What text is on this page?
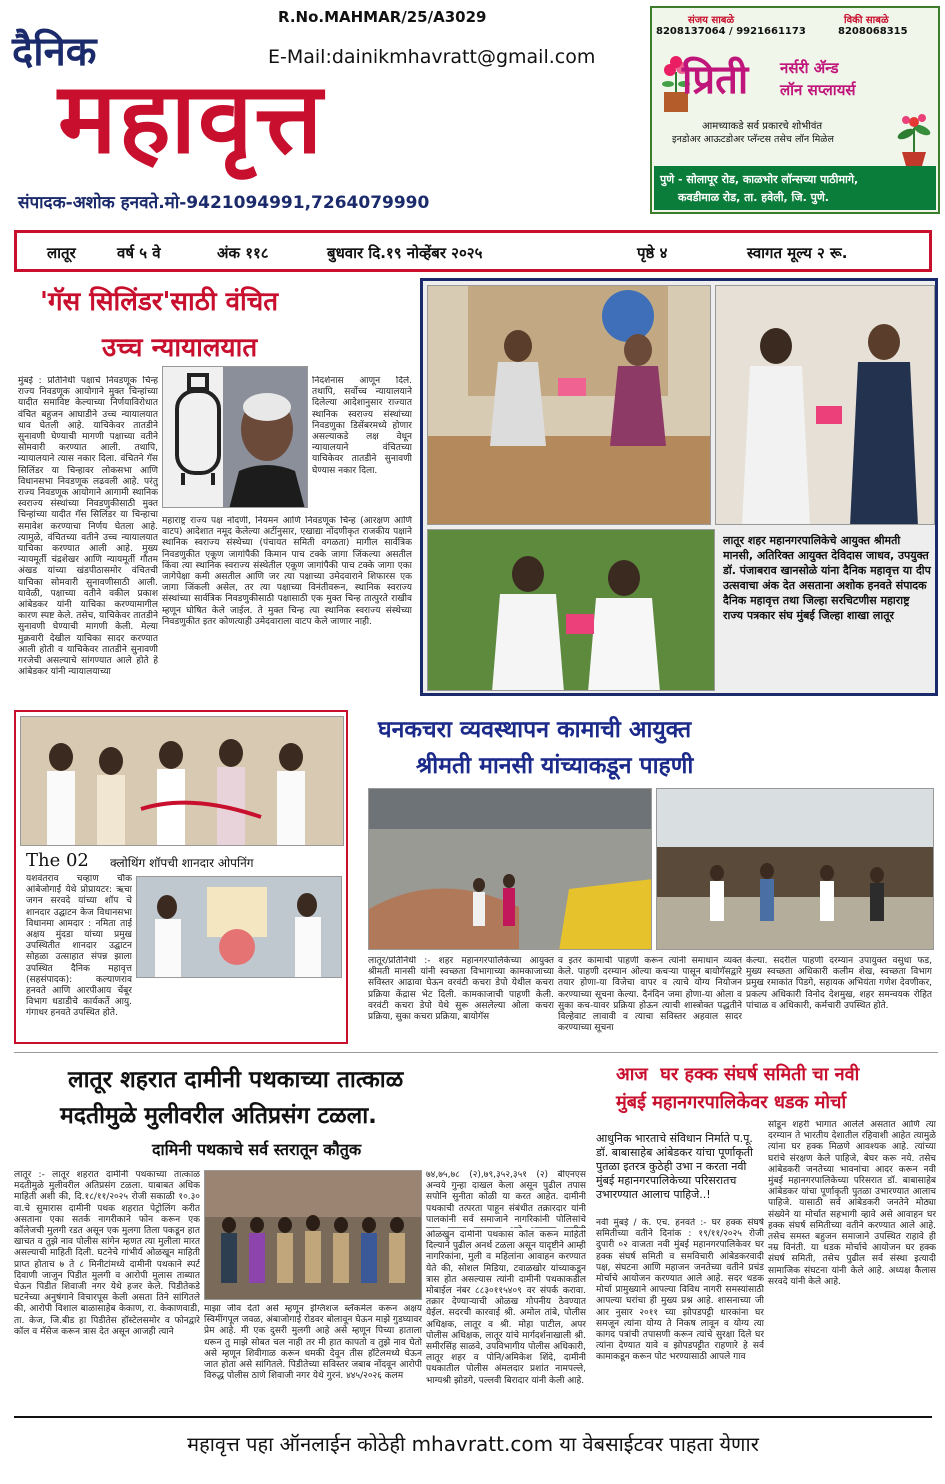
दैनिक
R.No.MAHMAR/25/A3029
E-Mail:dainikmhavratt@gmail.com
महावृत्त
संपादक-अशोक हनवते.मो-9421094991,7264079990
संजय साबळे
8208137064 / 9921661173
विकी साबळे
8208068315
प्रिती नर्सरी अ‍ॅन्ड
लॉन सप्लायर्स
आमच्याकडे सर्व प्रकारचे शोभीवंत
इनडोअर आऊटडोअर प्लॅन्टस तसेच लॉन मिळेल
पुणे - सोलापूर रोड, काळभोर लॉन्सच्या पाठीमागे,
कवडीमाळ रोड, ता. हवेली, जि. पुणे.
लातूर	वर्ष ५ वे	अंक ११८	बुधवार दि.१९ नोव्हेंबर २०२५	पृष्ठे ४	स्वागत मूल्य २ रू.
'गॅस सिलिंडर'साठी वंचित
उच्च न्यायालयात
मुंबई : प्रतिनिधी पक्षाचे निवडणूक चिन्ह राज्य निवडणूक आयोगाने मुक्त चिन्हांच्या यादीत समाविष्ट केल्याच्या निर्णयाविरोधात वंचित बहुजन आघाडीने उच्च न्यायालयात धाव घेतली आहे. याचिकेवर तातडीने सुनावणी घेण्याची मागणी पक्षाच्या वतीने सोमवारी करण्यात आली. तथापि, न्यायालयाने त्यास नकार दिला. वंचितने गॅस सिलिंडर या चिन्हावर लोकसभा आणि विधानसभा निवडणूक लढवली आहे. परंतु राज्य निवडणूक आयोगाने आगामी स्थानिक स्वराज्य संस्थांच्या निवडणुकीसाठी मुक्त चिन्हांच्या यादीत गॅस सिलिंडर या चिन्हाचा समावेश करण्याचा निर्णय घेतला आहे. त्यामुळे, वंचितच्या वतीने उच्च न्यायालयात याचिका करण्यात आली आहे. मुख्य न्यायमूर्ती चंद्रशेखर आणि न्यायमूर्ती गौतम अंखड यांच्या खंडपीठासमोर वंचितची याचिका सोमवारी सुनावणीसाठी आली. यावेळी, पक्षाच्या वतीने वकील प्रकाश आंबेडकर यांनी याचिका करण्यामागील कारण स्पष्ट केले. तसेच, याचिकेवर तातडीने सुनावणी घेण्याची मागणी केली. मेल्या मुक्रवारी देखील याचिका सादर करण्यात आली होती व याचिकेवर तातडीने सुनावणी गरजेची असल्याचे सांगण्यात आले होते हे आंबेडकर यांनी न्यायालयाच्या
निदर्शनास आणून दिले. तथापि, सर्वोच्च न्यायालयाने दिलेल्या आदेशानुसार राज्यात स्थानिक स्वराज्य संस्थांच्या निवडणुका डिसेंबरमध्ये होणार असल्याकडे लक्ष वेधून न्यायालयाने वंचितच्या याचिकेवर तातडीने सुनावणी घेण्यास नकार दिला.
महाराष्ट्र राज्य पक्ष नोंदणी, नियमन आणि निवडणूक चिन्ह (आरक्षण आणि वाटप) आदेशात नमूद केलेल्या अटींनुसार, एखाद्या नोंदणीकृत राजकीय पक्षाने स्थानिक स्वराज्य संस्थेच्या (पंचायत समिती वगळता) मागील सार्वत्रिक निवडणुकीत एकूण जागांपैकी किमान पाच टक्के जागा जिंकल्या असतील किंवा त्या स्थानिक स्वराज्य संस्थेतील एकूण जागांपैकी पाच टक्के जागा एका जागेपेक्षा कमी असतील आणि जर त्या पक्षाच्या उमेदवाराने शिफारस एक जागा जिंकली असेल, तर त्या पक्षाच्या विनंतीवरून, स्थानिक स्वराज्य संस्थांच्या सार्वत्रिक निवडणुकीसाठी पक्षासाठी एक मुक्त चिन्ह तात्पुरते राखीव म्हणून घोषित केले जाईल. ते मुक्त चिन्ह त्या स्थानिक स्वराज्य संस्थेच्या निवडणुकीत इतर कोणत्याही उमेदवाराला वाटप केले जाणार नाही.
लातूर शहर महानगरपालिकेचे आयुक्त श्रीमती मानसी, अतिरिक्त आयुक्त देविदास जाधव, उपयुक्त डॉ. पंजाबराव खानसोळे यांना दैनिक महावृत्त या दीप उत्सवाचा अंक देत असताना अशोक हनवते संपादक दैनिक महावृत्त तथा जिल्हा सरचिटणीस महाराष्ट्र राज्य पत्रकार संघ मुंबई जिल्हा शाखा लातूर
The 02 क्लोथिंग शॉपची शानदार ओपनिंग
यशवंतराव चव्हाण चौक आंबेजोगाई येथे प्रोप्रायटर: ऋचा जगन सरवदे यांच्या शॉप चे शानदार उद्घाटन केज विधानसभा विधानमा आमदार : नमिता ताई अक्षय मुंदडा यांच्या प्रमुख उपस्थितीत शानदार उद्घाटन सोहळा उत्साहात संपन्न झाला उपस्थित दैनिक महावृत्त (सहसंपादक): कल्याणराव हनवते आणि आरपीआय चेंबूर विभाग धडाडीचे कार्यकर्ते आयु. गंगाधर हनवते उपस्थित होते.
घनकचरा व्यवस्थापन कामाची आयुक्त
श्रीमती मानसी यांच्याकडून पाहणी
लातूर/प्रतिनिधी :- शहर महानगरपालिकेच्या आयुक्त श्रीमती मानसी यांनी स्वच्छता विभागाच्या कामकाजाच्या सविस्तर आढावा घेऊन वरवंटी कचरा डेपो येथील कचरा प्रक्रिया केंद्रास भेट दिली. कामकाजाची पाहणी केली. वरवंटी कचरा डेपो येथे सुरू असलेल्या ओला कचरा प्रक्रिया, सुका कचरा प्रक्रिया, बायोगॅस
व इतर कामाची पाहणी करून त्यांनी समाधान व्यक्त केले. पाहणी दरम्यान ओल्या कचऱ्या पासून बायोगॅसद्वारे तयार होणा-या विजेचा वापर व त्याचे योग्य नियोजन करण्याच्या सूचना केल्या. दैनंदिन जमा होणा-या ओला व सुका कच-यावर प्रक्रिया होऊन त्याची शास्त्रोक्त पद्धतीने विल्हेवाट लावावी व त्याचा सविस्तर अहवाल सादर करण्याच्या सूचना
केल्या. सदरील पाहणी दरम्यान उपायुक्त वसुधा फड, मुख्य स्वच्छता अधिकारी कलीम शेख, स्वच्छता विभाग प्रमुख रमाकांत पिडगे, सहायक अभियंता गणेश देवणीकर, प्रकल्प अधिकारी विनोद देशमुख, शहर समन्वयक रोहित पांचाळ व अधिकारी, कर्मचारी उपस्थित होते.
लातूर शहरात दामीनी पथकाच्या तात्काळ
मदतीमुळे मुलीवरील अतिप्रसंग टळला.
दामिनी पथकाचे सर्व स्तरातून कौतुक
लातूर :- लातूर शहरात दामीनी पथकाच्या तात्काळ मदतीमुळे मुलीवरील अतिप्रसंग टळला. याबाबत अधिक माहिती अशी की, दि.१८/११/२०२५ रोजी सकाळी १०.३० वा.चे सुमारास दामीनी पथक शहरात पेट्रोलिंग करीत असताना एका सतर्क नागरीकाने फोन करून एक कॉलेजची मुलगी रडत असून एक मुलगा तिला पकडून हात खाचत व तुझे नाव पोलीस सांगेन म्हणत त्या मुलीला मारत असल्याची माहिती दिली. घटनेचे गांभीर्य ओळखून माहिती प्राप्त होताच ७ ते ८ मिनीटांमध्ये दामीनी पथकाने स्पर्ट दिवाणी जाजुन पिडीत मुलगी व आरोपी मुलास ताब्यात घेऊन पिडीत शिवाजी नगर येथे हजर केले. पिडीतेकडे घटनेच्या अनुषंगाने विचारपूस केली असता तिने सांगितले की, आरोपी विशाल बाळासाहेब केकाण, रा. केकाणवाडी, ता. केज, जि.बीड हा पिडीतेस हॉस्टेलसमोर व फोनद्वारे कॉल व मॅसेज करून त्रास देत असून आजही त्याने
माझा जीव देतो असे म्हणून इंग्लिशज ब्लॅकमेल करून अक्षय स्विमींगपूल जवळ, अंबाजोगाई रोडवर बोलावून घेऊन माझे गुडघ्यावर प्रेम आहे. मी एक दुसरी मुलगी आहे असे म्हणून पिच्या हाताला धरून तु माझे सोबत चल नाही तर मी हात कापतो व तुझे नाव घेतो असे म्हणून शिवीगाळ करून धमकी देवून तीस हॉटेलमध्ये घेऊन जात होता असे सांगितले. पिडीतेच्या सविस्तर जबाब नोंदवून आरोपी विरुद्ध पोलीस ठाणे शिवाजी नगर येथे गुरनं. ४४५/२०२६ कलम
७४,७५,७८ (२),७९,३५२,३५१ (२) बीएनएस अन्वये गुन्हा दाखल केला असून पुढील तपास सपोनि सुनीता कोळी या करत आहेत. दामीनी पथकाची तत्परता पाहून संबंधीत तक्रारदार यांनी पालकांनी सर्व समाजाने नागरिकांनी पोलिसांचे
ओळखुन दामीनी पथकास कॉल करून माहिती दिल्याने पुढील अनर्थ टळला असून यादृष्टीने आम्ही नागरिकांना, मुली व महिलांना आवाहन करण्यात येते की, सोशल मिडिया, टवाळखोर यांच्याकडून त्रास होत असल्यास त्यांनी दामीनी पथकाकडील मोबाईल नंबर ८८३०११५४०९ वर संपर्क करावा. तक्रार देण्याऱ्याची ओळख गोपनीय ठेवण्यात येईल. सदरची कारवाई श्री. अमोल तांबे, पोलीस अधिक्षक, लातूर व श्री. मोहा पाटील, अपर पोलीस अधिक्षक, लातूर यांचे मार्गदर्शनाखाली श्री. समीरसिंह साळवे, उपविभागीय पोलीस अधिकारी, लातूर शहर व पोनि/अमिकेश शिंदे, दामीनी पथकातील पोलीस अंमलदार प्रशांत नामपल्ले, भाग्यश्री झोडगे, पल्लवी बिरादार यांनी केली आहे.
आज  घर हक्क संघर्ष समिती चा नवी
मुंबई महानगरपालिकेवर धडक मोर्चा
आधुनिक भारताचे संविधान निर्माते प.पू. डॉ. बाबासाहेब आंबेडकर यांचा पूर्णाकृती पुतळा इतरत्र कुठेही उभा न करता नवी मुंबई महानगरपालिकेच्या परिसरातच उभारण्यात आलाच पाहिजे..!
नवी मुंबई / के. एच. हनवते :- घर हक्क संघर्ष समितीच्या वतीने दिनांक : १९/११/२०२५ रोजी दुपारी ०२ वाजता नवी मुंबई महानगरपालिकेवर घर हक्क संघर्ष समिती व समविचारी आंबेडकरवादी पक्ष, संघटना आणि महाजन जनतेच्या वतीने प्रचंड मोर्चाचे आयोजन करण्यात आले आहे. सदर धडक मोर्चा प्रामुख्याने आपल्या विविध नागरी समस्यांसाठी आपल्या घरांचा ही मुख्य प्रश्न आहे. शासनाच्या जी आर नुसार २०११ च्या झोपडपट्टी धारकांना घर समजून त्यांना योग्य ते निकष लावून व योग्य त्या कागद पत्रांची तपासणी करून त्यांचे सुरक्षा दिले घर त्यांना देण्यात यावे व झोपडपट्टीत राहणारे हे सर्व कामाकडून करून पोट भरण्यासाठी आपले गाव
सोडून शहरी भागात आलेले असतात आणि त्या दरम्यान ते भारतीय देशातील रहिवाशी आहेत त्यामुळे त्यांना घर हक्क मिळणे आवश्यक आहे. त्यांच्या घरांचे संरक्षण केले पाहिजे, बेघर करू नये. तसेच आंबेडकरी जनतेच्या भावनांचा आदर करून नवी मुंबई महानगरपालिकेच्या परिसरात डॉ. बाबासाहेब आंबेडकर यांचा पूर्णाकृती पुतळा उभारण्यात आलाच पाहिजे. यासाठी सर्व आंबेडकरी जनतेने मोठ्या संख्येने या मोर्चात सहभागी व्हावे असे आवाहन घर हक्क संघर्ष समितीच्या वतीने करण्यात आले आहे. तसेच समस्त बहुजन समाजाने उपस्थित राहावे ही नम्र विनंती. या धडक मोर्चाचे आयोजन घर हक्क संघर्ष समिती, तसेच पुढील सर्व संस्था इत्यादी सामाजिक संघटना यांनी केले आहे. अध्यक्ष कैलास सरवदे यांनी केले आहे.
महावृत्त पहा ऑनलाईन कोठेही mhavratt.com या वेबसाईटवर पाहता येणार
